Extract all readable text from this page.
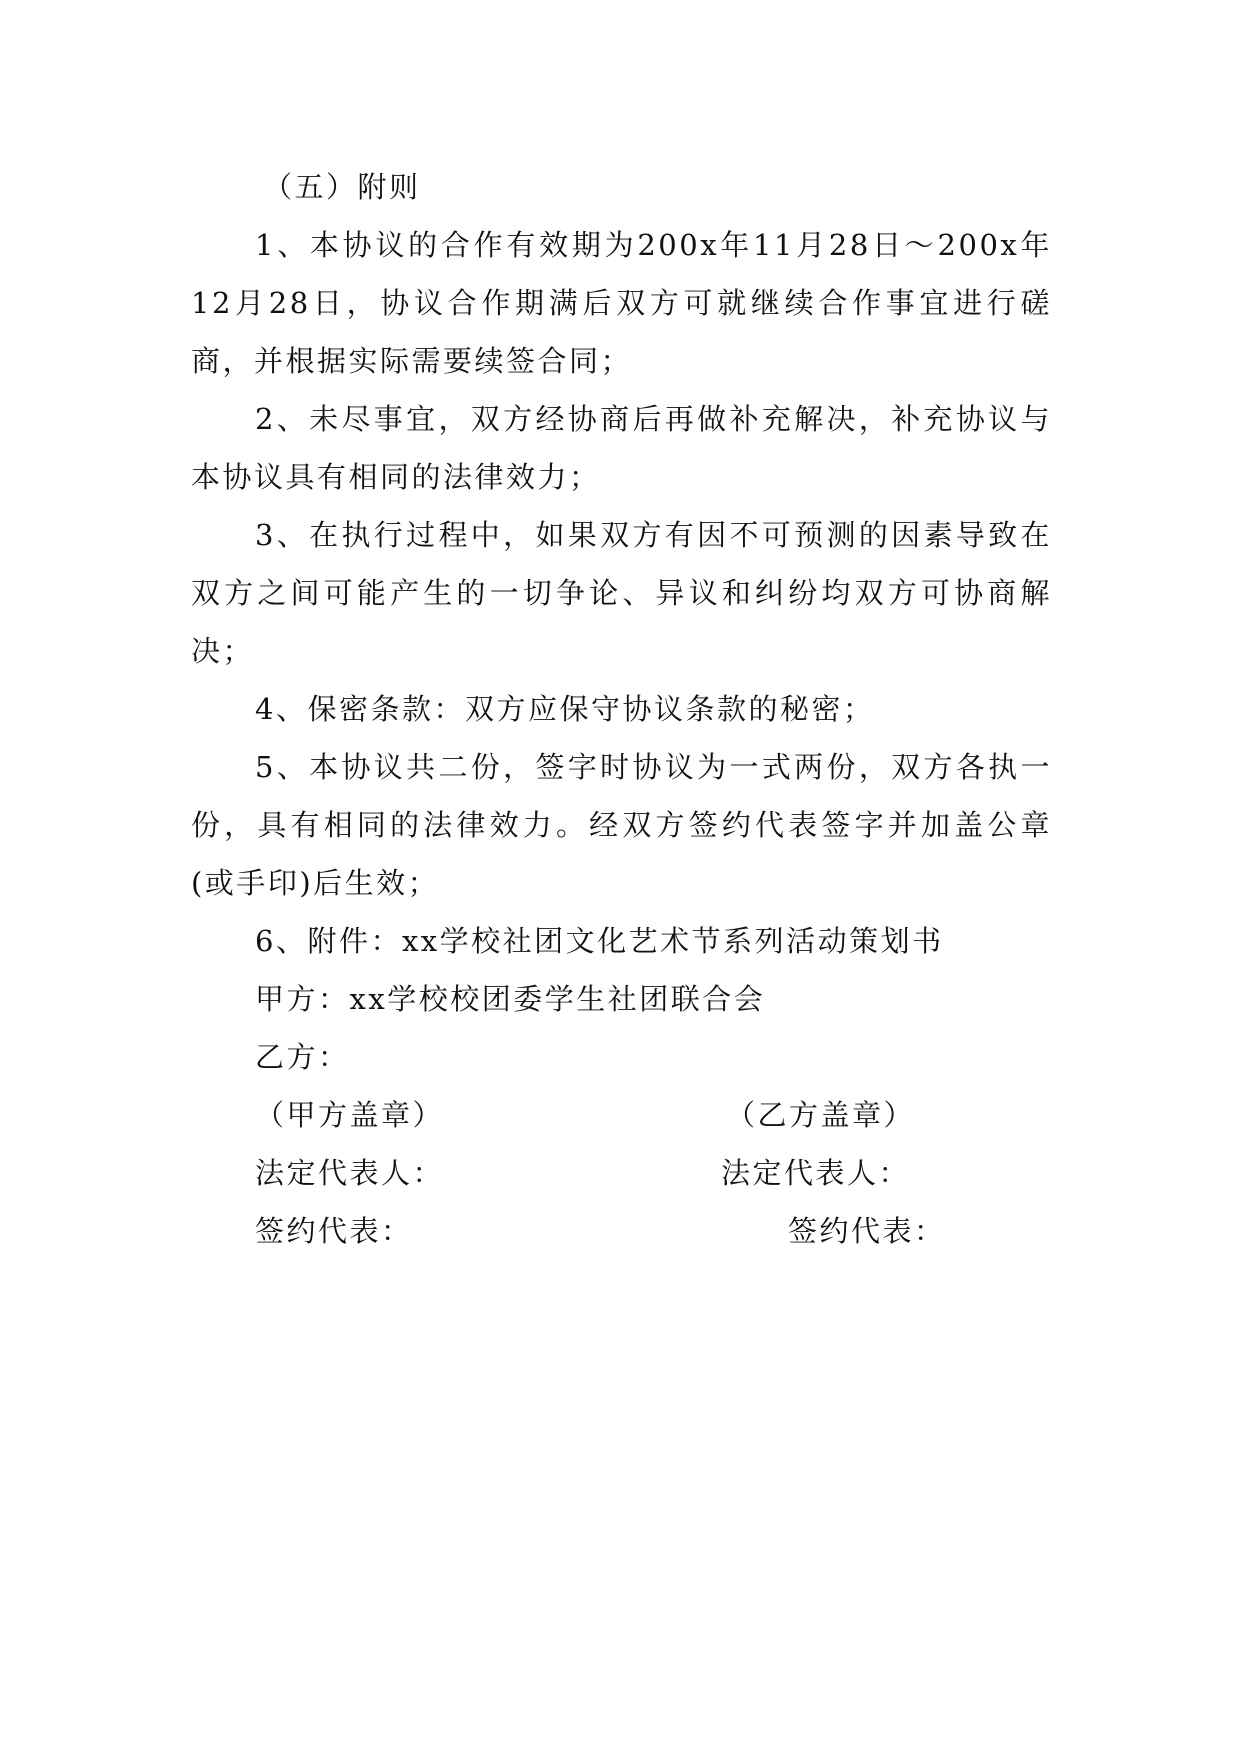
（五）附则

1、本协议的合作有效期为200x年11月28日～200x年12月28日，协议合作期满后双方可就继续合作事宜进行磋商，并根据实际需要续签合同；

2、未尽事宜，双方经协商后再做补充解决，补充协议与本协议具有相同的法律效力；

3、在执行过程中，如果双方有因不可预测的因素导致在双方之间可能产生的一切争论、异议和纠纷均双方可协商解决；

4、保密条款：双方应保守协议条款的秘密；

5、本协议共二份，签字时协议为一式两份，双方各执一份，具有相同的法律效力。经双方签约代表签字并加盖公章(或手印)后生效；

6、附件：xx学校社团文化艺术节系列活动策划书

甲方：xx学校校团委学生社团联合会

乙方：

（甲方盖章）	（乙方盖章）
法定代表人：	法定代表人：
签约代表：	签约代表：
